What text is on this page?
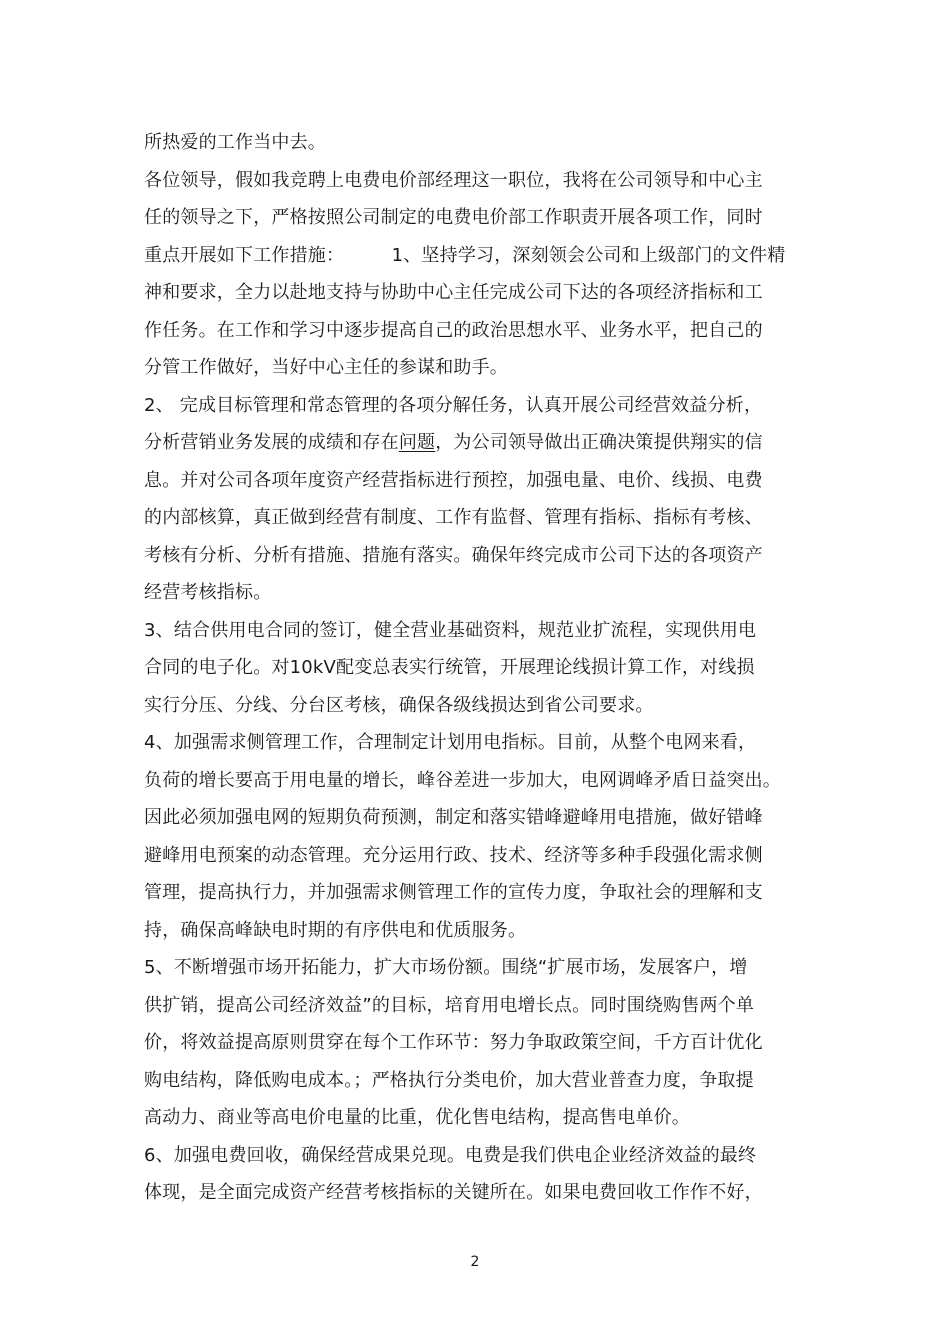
所热爱的工作当中去。
各位领导，假如我竞聘上电费电价部经理这一职位，我将在公司领导和中心主
任的领导之下，严格按照公司制定的电费电价部工作职责开展各项工作，同时
重点开展如下工作措施：        1、坚持学习，深刻领会公司和上级部门的文件精
神和要求，全力以赴地支持与协助中心主任完成公司下达的各项经济指标和工
作任务。在工作和学习中逐步提高自己的政治思想水平、业务水平，把自己的
分管工作做好，当好中心主任的参谋和助手。
2、 完成目标管理和常态管理的各项分解任务，认真开展公司经营效益分析，
分析营销业务发展的成绩和存在问题，为公司领导做出正确决策提供翔实的信
息。并对公司各项年度资产经营指标进行预控，加强电量、电价、线损、电费
的内部核算，真正做到经营有制度、工作有监督、管理有指标、指标有考核、
考核有分析、分析有措施、措施有落实。确保年终完成市公司下达的各项资产
经营考核指标。
3、结合供用电合同的签订，健全营业基础资料，规范业扩流程，实现供用电
合同的电子化。对10kV配变总表实行统管，开展理论线损计算工作，对线损
实行分压、分线、分台区考核，确保各级线损达到省公司要求。
4、加强需求侧管理工作，合理制定计划用电指标。目前，从整个电网来看，
负荷的增长要高于用电量的增长，峰谷差进一步加大，电网调峰矛盾日益突出。
因此必须加强电网的短期负荷预测，制定和落实错峰避峰用电措施，做好错峰
避峰用电预案的动态管理。充分运用行政、技术、经济等多种手段强化需求侧
管理，提高执行力，并加强需求侧管理工作的宣传力度，争取社会的理解和支
持，确保高峰缺电时期的有序供电和优质服务。
5、不断增强市场开拓能力，扩大市场份额。围绕“扩展市场，发展客户，增
供扩销，提高公司经济效益”的目标，培育用电增长点。同时围绕购售两个单
价，将效益提高原则贯穿在每个工作环节：努力争取政策空间，千方百计优化
购电结构，降低购电成本。；严格执行分类电价，加大营业普查力度，争取提
高动力、商业等高电价电量的比重，优化售电结构，提高售电单价。
6、加强电费回收，确保经营成果兑现。电费是我们供电企业经济效益的最终
体现，是全面完成资产经营考核指标的关键所在。如果电费回收工作作不好，
2
